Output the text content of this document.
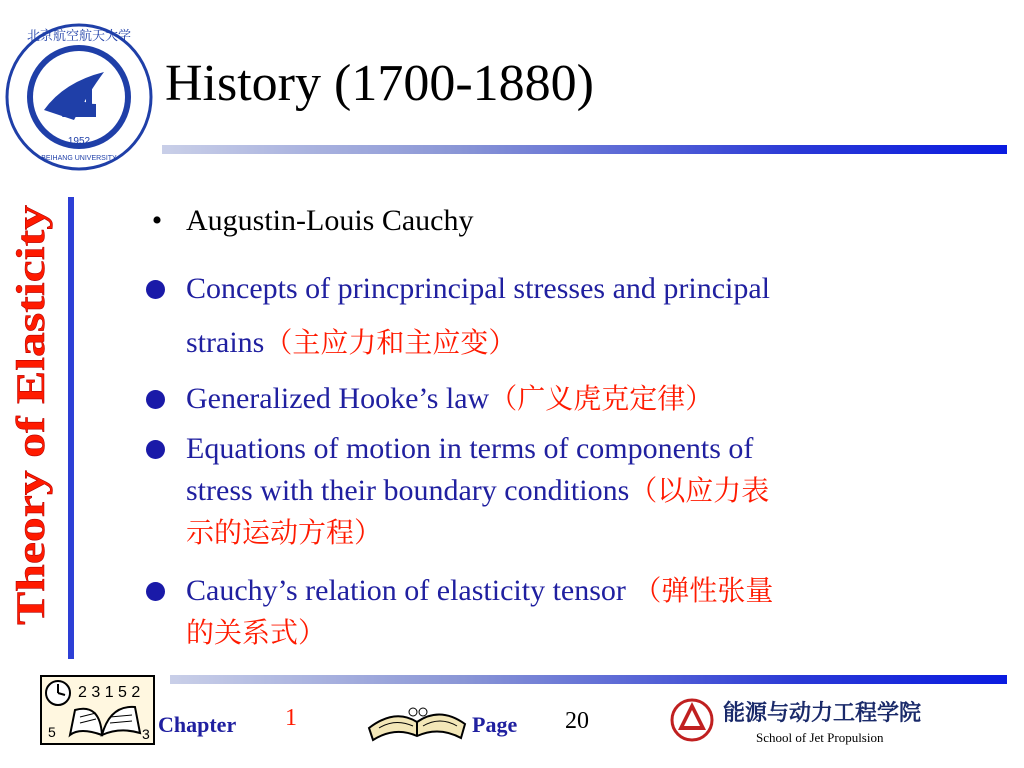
1952
北京航空航天大学
BEIHANG UNIVERSITY
History (1700-1880)
Theory of Elasticity
• Augustin-Louis Cauchy
Concepts of princprincipal stresses and principal
strains（主应力和主应变）
Generalized Hooke’s law（广义虎克定律）
Equations of motion in terms of components of
stress with their boundary conditions（以应力表
示的运动方程）
Cauchy’s relation of elasticity tensor （弹性张量
的关系式）
2 3 1 5 2
5	3 Chapter 1	Page 20	能源与动力工程学院
School of Jet Propulsion
